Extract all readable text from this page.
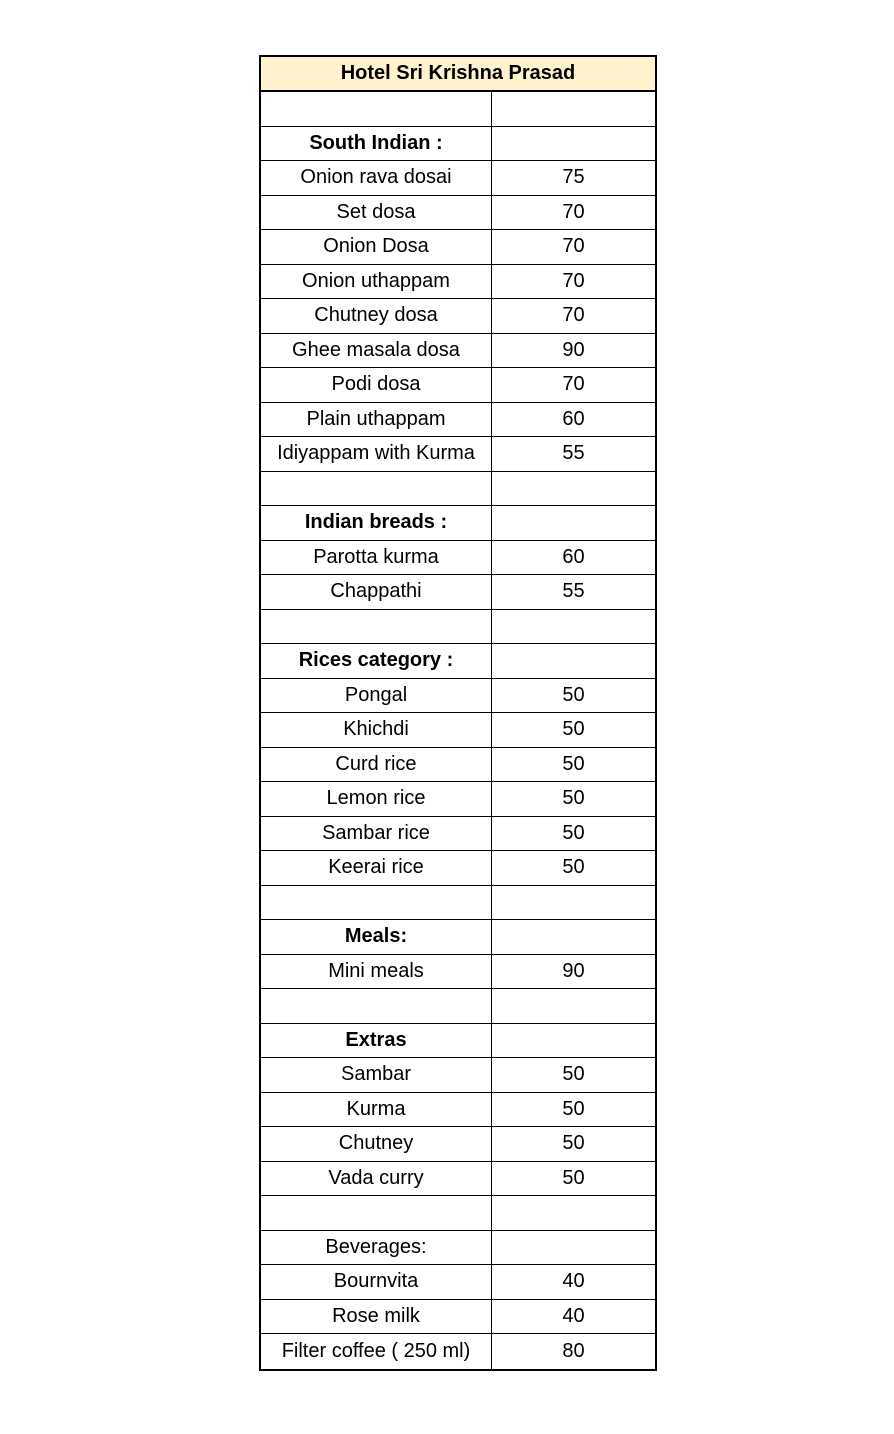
Hotel Sri Krishna Prasad
South Indian :
Onion rava dosai	75
Set dosa	70
Onion Dosa	70
Onion uthappam	70
Chutney dosa	70
Ghee masala dosa	90
Podi dosa	70
Plain uthappam	60
Idiyappam with Kurma	55
Indian breads :
Parotta kurma	60
Chappathi	55
Rices category :
Pongal	50
Khichdi	50
Curd rice	50
Lemon rice	50
Sambar rice	50
Keerai rice	50
Meals:
Mini meals	90
Extras
Sambar	50
Kurma	50
Chutney	50
Vada curry	50
Beverages:
Bournvita	40
Rose milk	40
Filter coffee ( 250 ml)	80
